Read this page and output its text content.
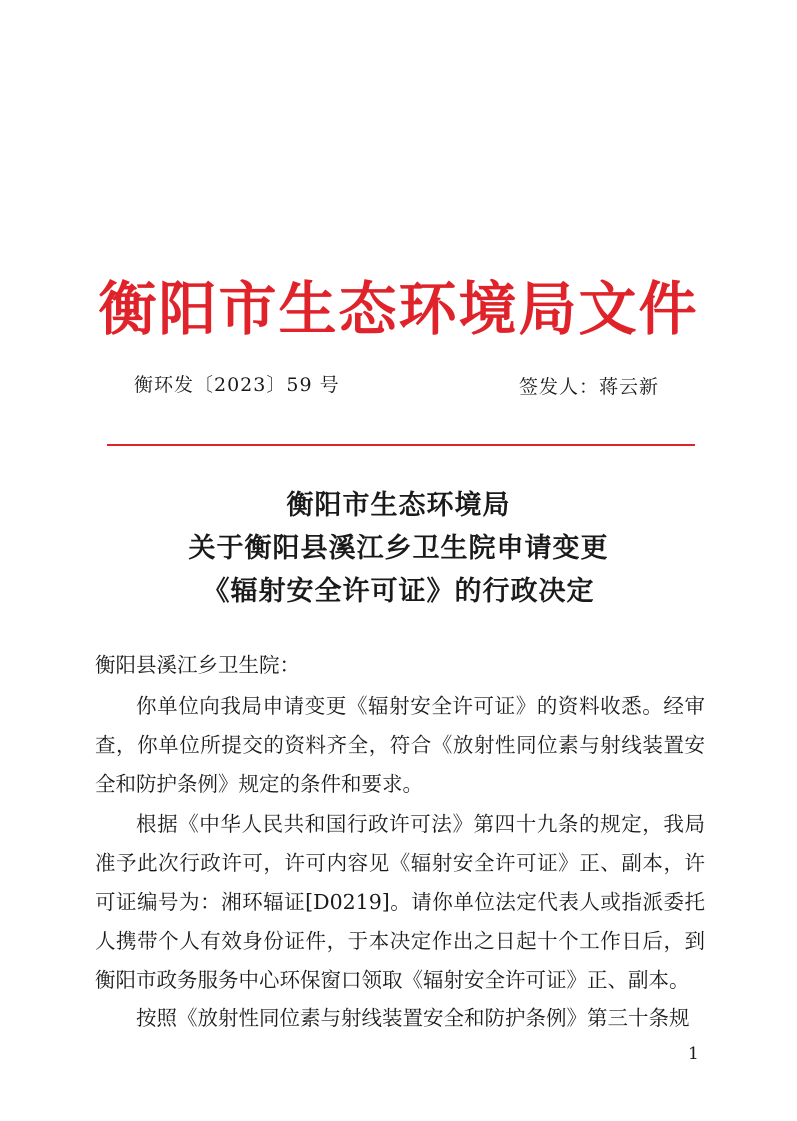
衡阳市生态环境局文件
衡环发〔2023〕59 号	签发人：蒋云新
衡阳市生态环境局
关于衡阳县溪江乡卫生院申请变更
《辐射安全许可证》的行政决定
衡阳县溪江乡卫生院：

你单位向我局申请变更《辐射安全许可证》的资料收悉。经审查，你单位所提交的资料齐全，符合《放射性同位素与射线装置安全和防护条例》规定的条件和要求。

根据《中华人民共和国行政许可法》第四十九条的规定，我局准予此次行政许可，许可内容见《辐射安全许可证》正、副本，许可证编号为：湘环辐证[D0219]。请你单位法定代表人或指派委托人携带个人有效身份证件，于本决定作出之日起十个工作日后，到衡阳市政务服务中心环保窗口领取《辐射安全许可证》正、副本。

按照《放射性同位素与射线装置安全和防护条例》第三十条规

1
